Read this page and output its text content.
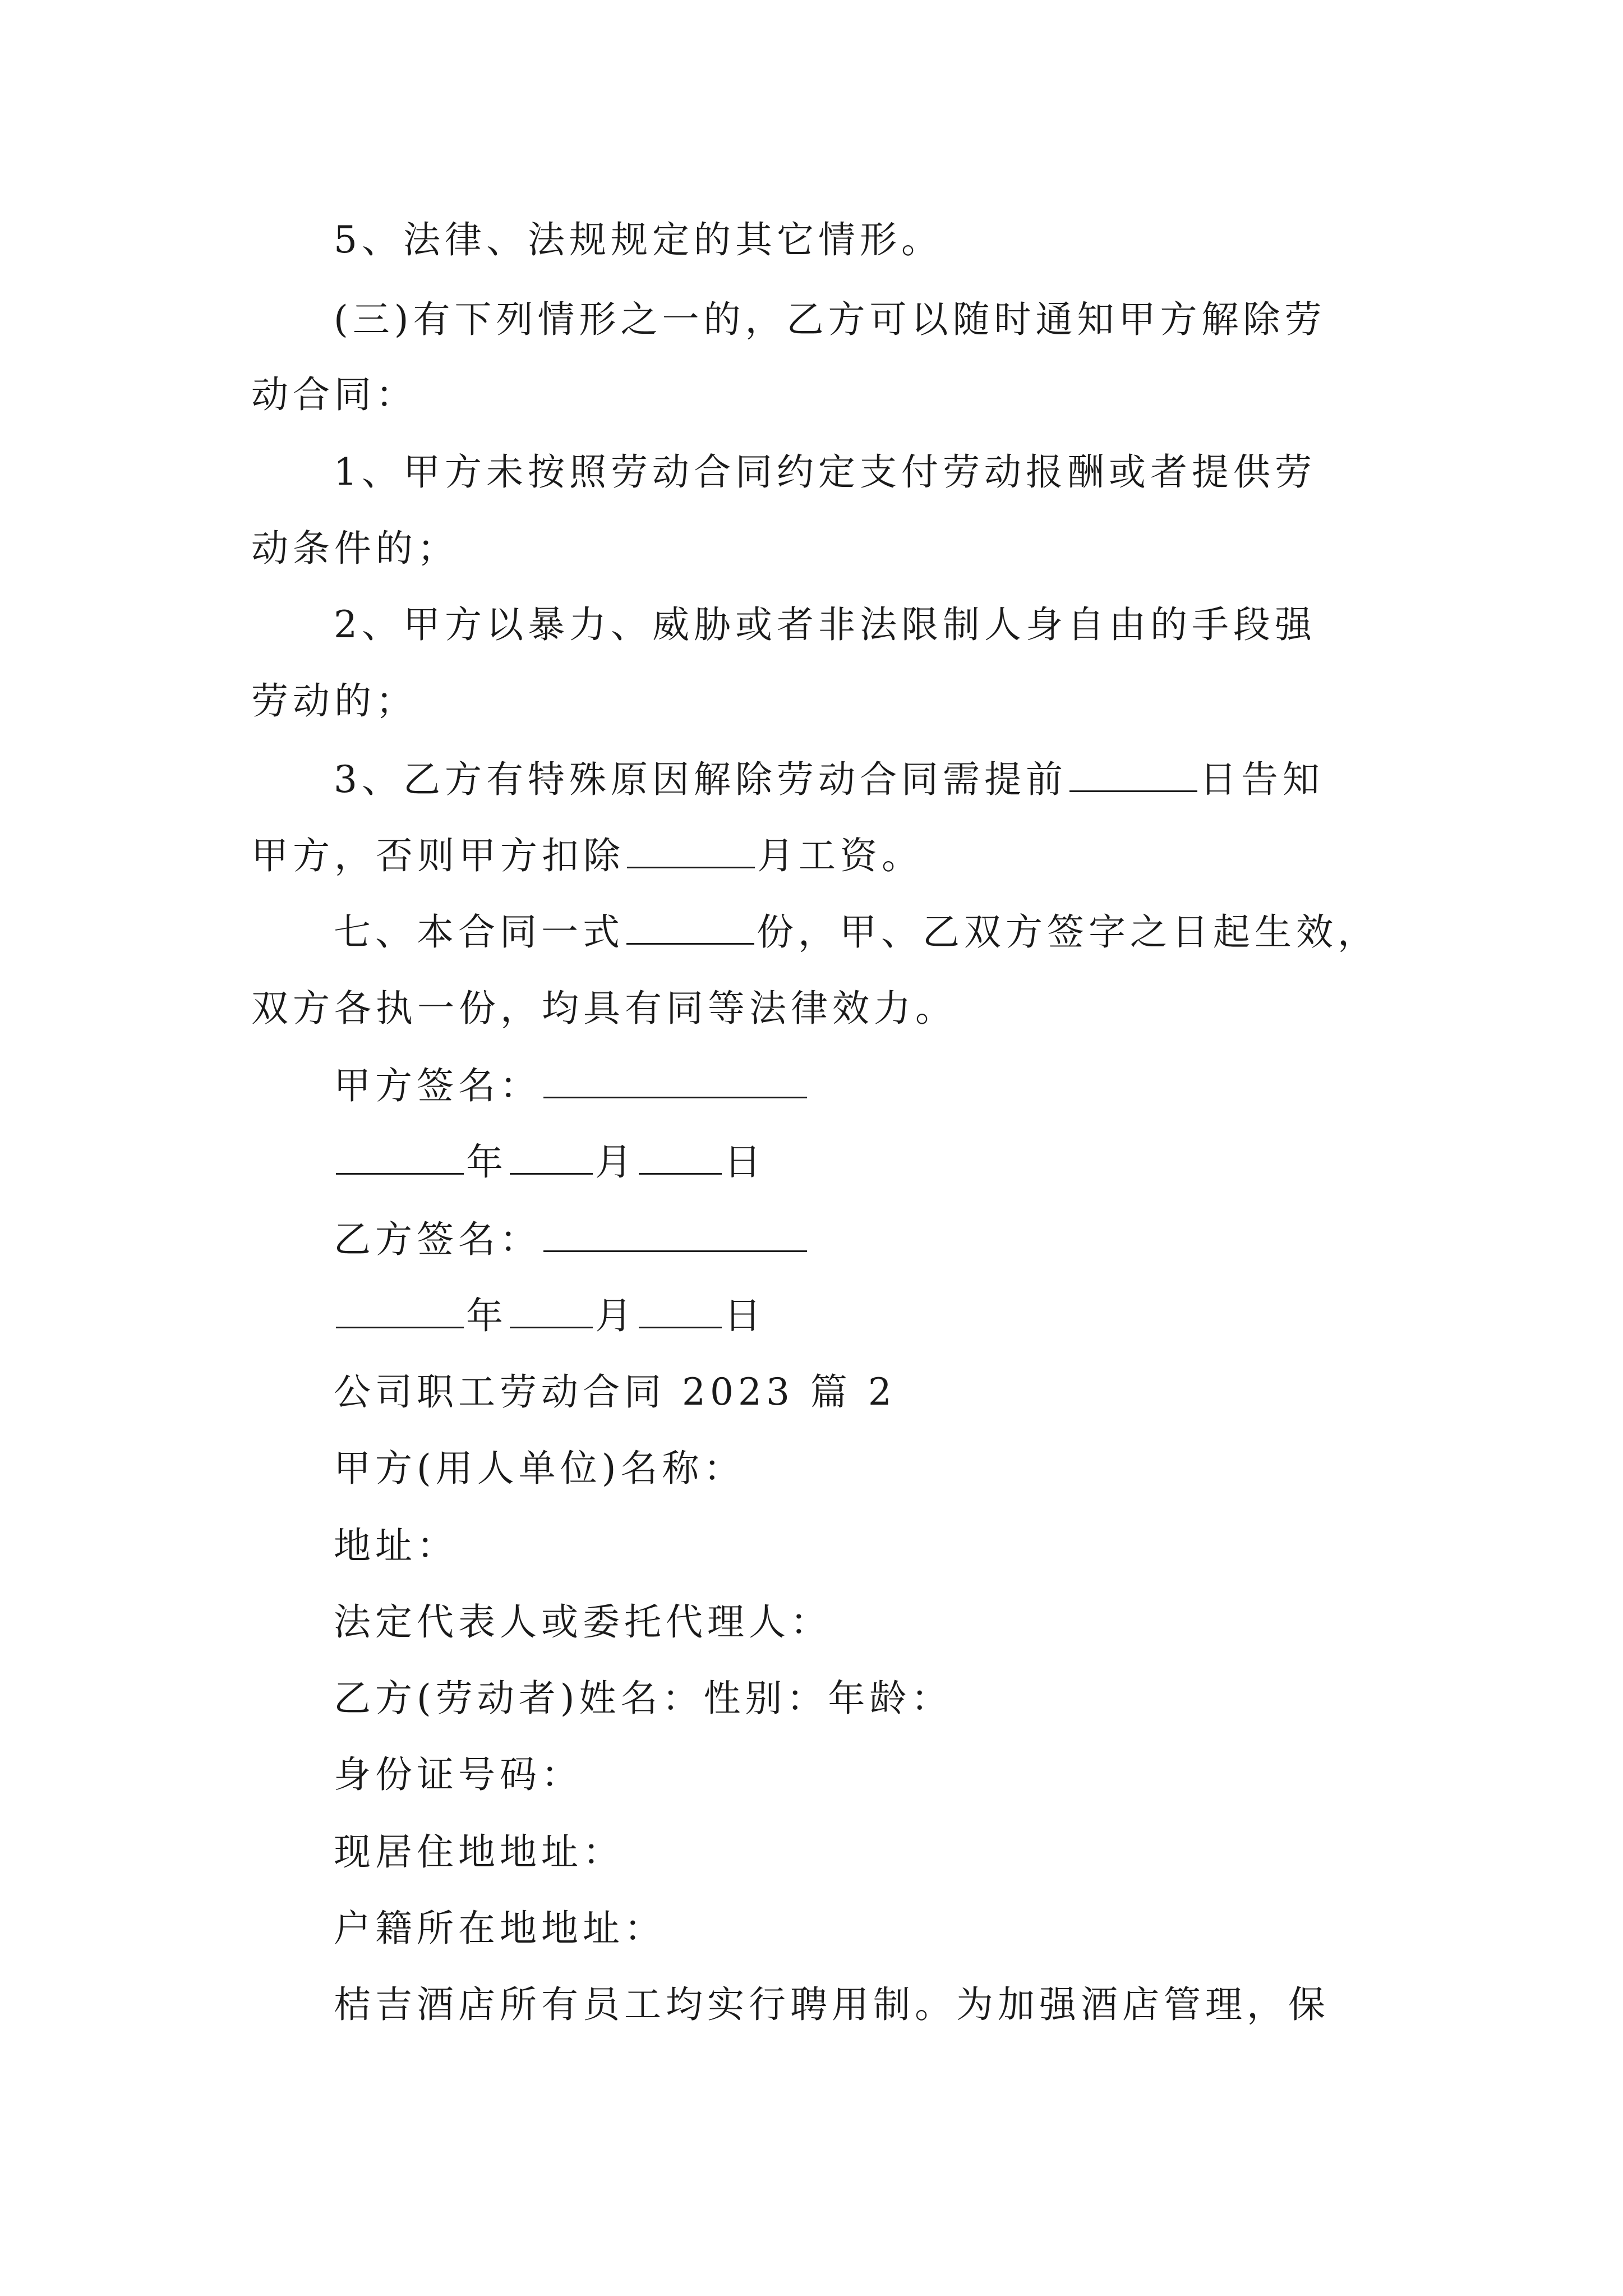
5、法律、法规规定的其它情形。
(三)有下列情形之一的，乙方可以随时通知甲方解除劳
动合同：
1、甲方未按照劳动合同约定支付劳动报酬或者提供劳
动条件的；
2、甲方以暴力、威胁或者非法限制人身自由的手段强
劳动的；
3、乙方有特殊原因解除劳动合同需提前	日告知
甲方，否则甲方扣除	月工资。
七、本合同一式	份，甲、乙双方签字之日起生效，
双方各执一份，均具有同等法律效力。
甲方签名：
年 月 日
乙方签名：
年 月 日
公司职工劳动合同 2023 篇 2
甲方(用人单位)名称：
地址：
法定代表人或委托代理人：
乙方(劳动者)姓名：性别：年龄：
身份证号码：
现居住地地址：
户籍所在地地址：
桔吉酒店所有员工均实行聘用制。为加强酒店管理，保
